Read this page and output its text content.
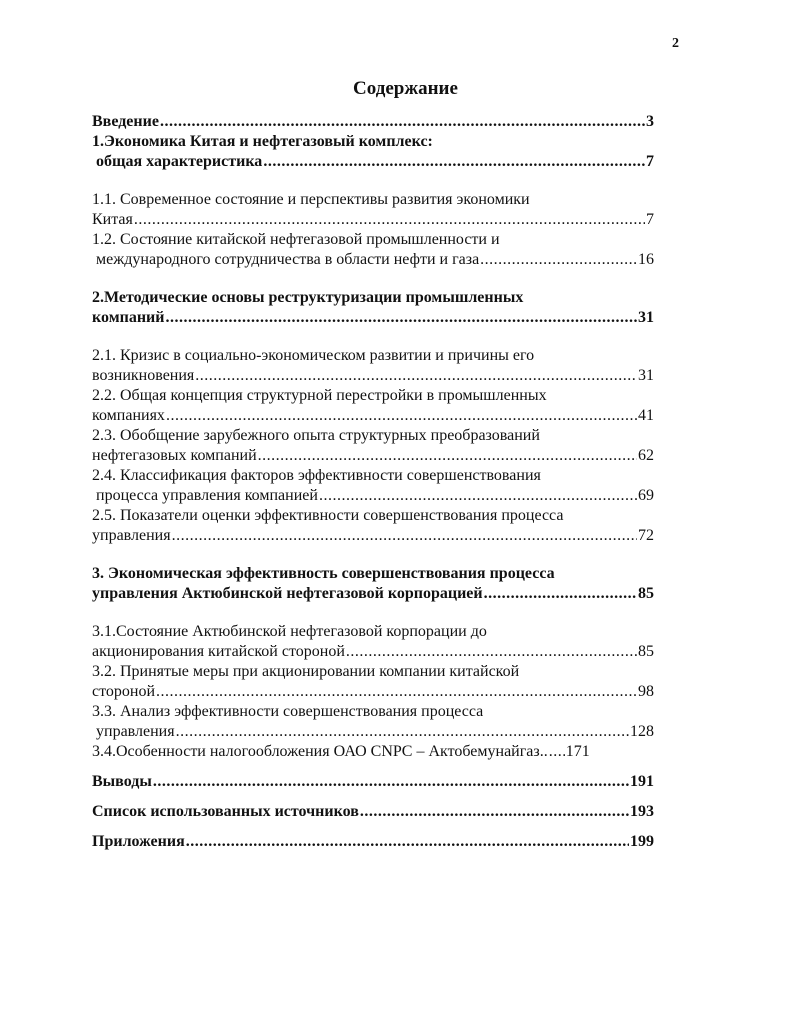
2
Содержание
Введение .....	3
1.Экономика Китая и нефтегазовый комплекс:
общая характеристика .....	7
1.1. Современное состояние и перспективы развития экономики
Китая .....	7
1.2. Состояние китайской нефтегазовой промышленности и
международного сотрудничества в области нефти и газа .....	16
2.Методические основы реструктуризации промышленных
компаний .....	31
2.1. Кризис в социально-экономическом развитии и причины его
возникновения .....	31
2.2. Общая концепция структурной перестройки в промышленных
компаниях .....	41
2.3. Обобщение зарубежного опыта структурных преобразований
нефтегазовых компаний .....	62
2.4. Классификация факторов эффективности совершенствования
процесса управления компанией .....	69
2.5. Показатели оценки эффективности совершенствования процесса
управления .....	72
3. Экономическая эффективность совершенствования процесса
управления Актюбинской нефтегазовой корпорацией .....	85
3.1.Состояние Актюбинской нефтегазовой корпорации до
акционирования китайской стороной .....	85
3.2. Принятые меры при акционировании компании китайской
стороной .....	98
3.3. Анализ эффективности совершенствования процесса
управления .....	128
3.4.Особенности налогообложения ОАО CNPC – Актобемунайгаз.. ..... 171
Выводы .....	191
Список использованных источников .....	193
Приложения .....	199
